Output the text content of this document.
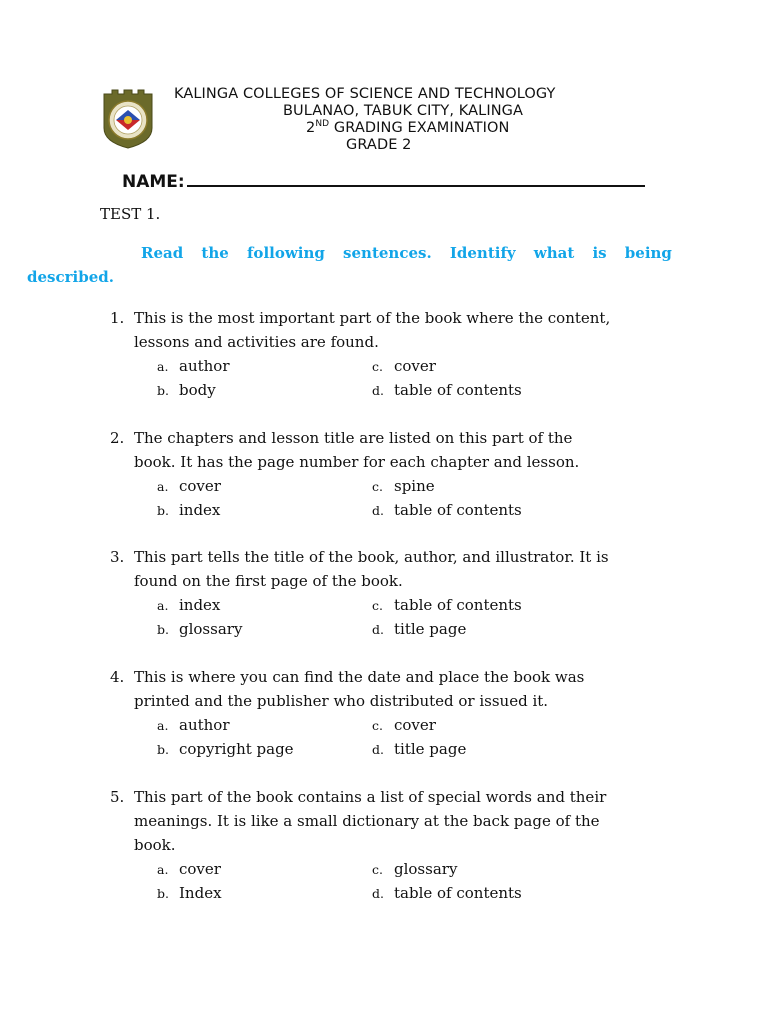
KALINGA COLLEGES OF SCIENCE AND TECHNOLOGY
BULANAO, TABUK CITY, KALINGA
2ND GRADING EXAMINATION
GRADE 2
NAME:
TEST 1.
Read the following sentences. Identify what is being
described.
1. This is the most important part of the book where the content,
lessons and activities are found.
a. author	c. cover
b. body	d. table of contents
2. The chapters and lesson title are listed on this part of the
book. It has the page number for each chapter and lesson.
a. cover	c. spine
b. index	d. table of contents
3. This part tells the title of the book, author, and illustrator. It is
found on the first page of the book.
a. index	c. table of contents
b. glossary	d. title page
4. This is where you can find the date and place the book was
printed and the publisher who distributed or issued it.
a. author	c. cover
b. copyright page	d. title page
5. This part of the book contains a list of special words and their
meanings. It is like a small dictionary at the back page of the
book.
a. cover	c. glossary
b. Index	d. table of contents
